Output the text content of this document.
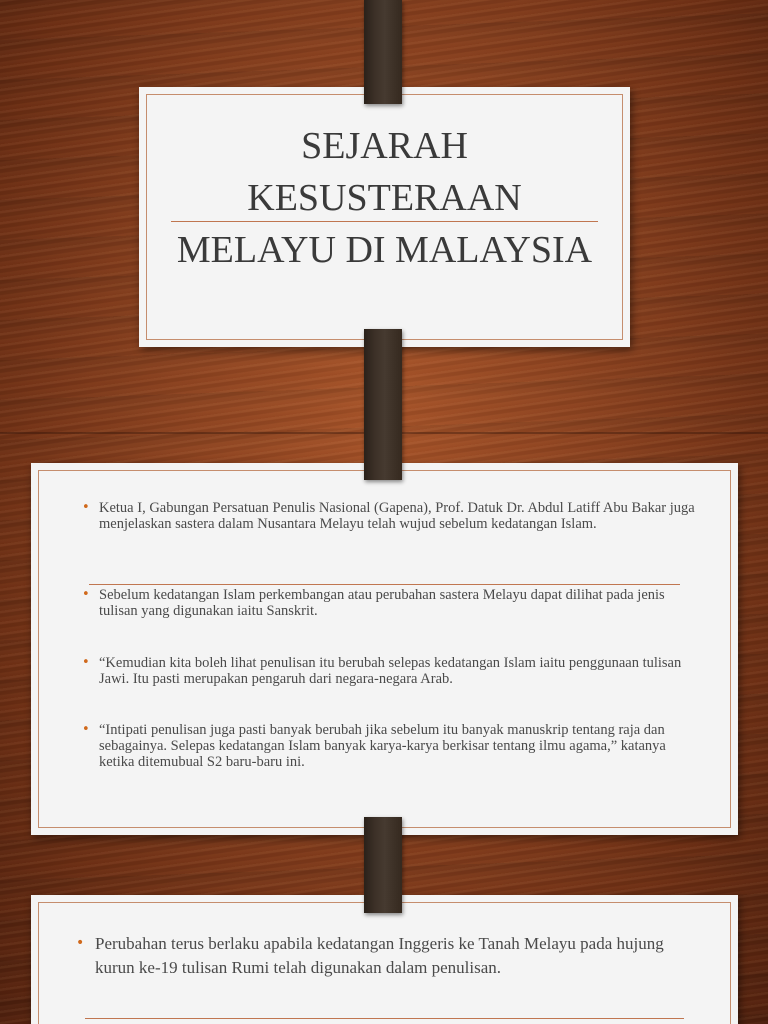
SEJARAH
KESUSTERAAN
MELAYU DI MALAYSIA
• Ketua I, Gabungan Persatuan Penulis Nasional (Gapena), Prof. Datuk Dr. Abdul Latiff Abu Bakar juga menjelaskan sastera dalam Nusantara Melayu telah wujud sebelum kedatangan Islam.
• Sebelum kedatangan Islam perkembangan atau perubahan sastera Melayu dapat dilihat pada jenis tulisan yang digunakan iaitu Sanskrit.
• “Kemudian kita boleh lihat penulisan itu berubah selepas kedatangan Islam iaitu penggunaan tulisan Jawi. Itu pasti merupakan pengaruh dari negara-negara Arab.
• “Intipati penulisan juga pasti banyak berubah jika sebelum itu banyak manuskrip tentang raja dan sebagainya. Selepas kedatangan Islam banyak karya-karya berkisar tentang ilmu agama,” katanya ketika ditemubual S2 baru-baru ini.
• Perubahan terus berlaku apabila kedatangan Inggeris ke Tanah Melayu pada hujung kurun ke-19 tulisan Rumi telah digunakan dalam penulisan.
